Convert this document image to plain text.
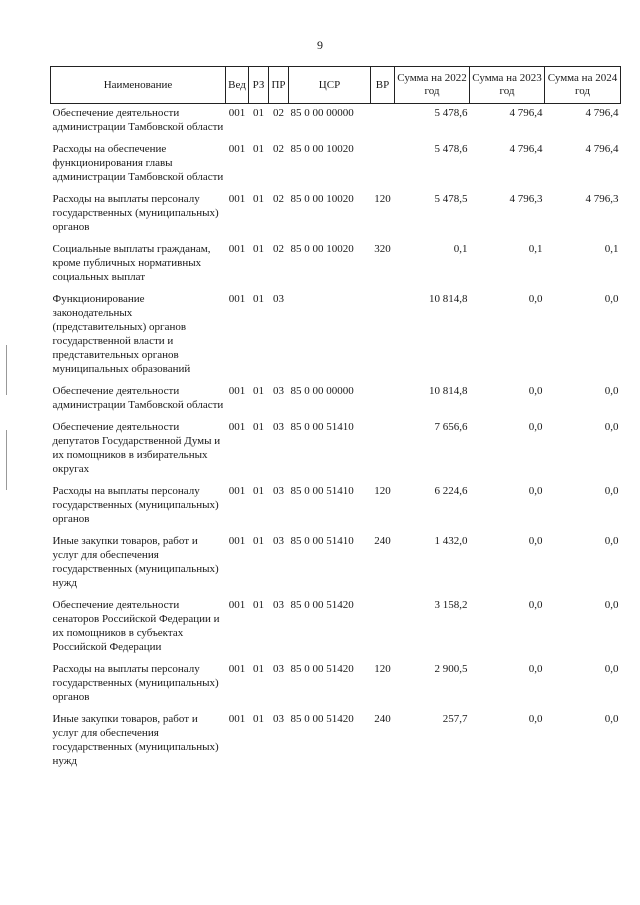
9
Наименование	Вед	РЗ	ПР	ЦСР	ВР	Сумма на 2022 год	Сумма на 2023 год	Сумма на 2024 год
Обеспечение деятельности администрации Тамбовской области	001	01	02	85 0 00 00000		5 478,6	4 796,4	4 796,4
Расходы на обеспечение функционирования главы администрации Тамбовской области	001	01	02	85 0 00 10020		5 478,6	4 796,4	4 796,4
Расходы на выплаты персоналу государственных (муниципальных) органов	001	01	02	85 0 00 10020	120	5 478,5	4 796,3	4 796,3
Социальные выплаты гражданам, кроме публичных нормативных социальных выплат	001	01	02	85 0 00 10020	320	0,1	0,1	0,1
Функционирование законодательных (представительных) органов государственной власти и представительных органов муниципальных образований	001	01	03			10 814,8	0,0	0,0
Обеспечение деятельности администрации Тамбовской области	001	01	03	85 0 00 00000		10 814,8	0,0	0,0
Обеспечение деятельности депутатов Государственной Думы и их помощников в избирательных округах	001	01	03	85 0 00 51410		7 656,6	0,0	0,0
Расходы на выплаты персоналу государственных (муниципальных) органов	001	01	03	85 0 00 51410	120	6 224,6	0,0	0,0
Иные закупки товаров, работ и услуг для обеспечения государственных (муниципальных) нужд	001	01	03	85 0 00 51410	240	1 432,0	0,0	0,0
Обеспечение деятельности сенаторов Российской Федерации и их помощников в субъектах Российской Федерации	001	01	03	85 0 00 51420		3 158,2	0,0	0,0
Расходы на выплаты персоналу государственных (муниципальных) органов	001	01	03	85 0 00 51420	120	2 900,5	0,0	0,0
Иные закупки товаров, работ и услуг для обеспечения государственных (муниципальных) нужд	001	01	03	85 0 00 51420	240	257,7	0,0	0,0
